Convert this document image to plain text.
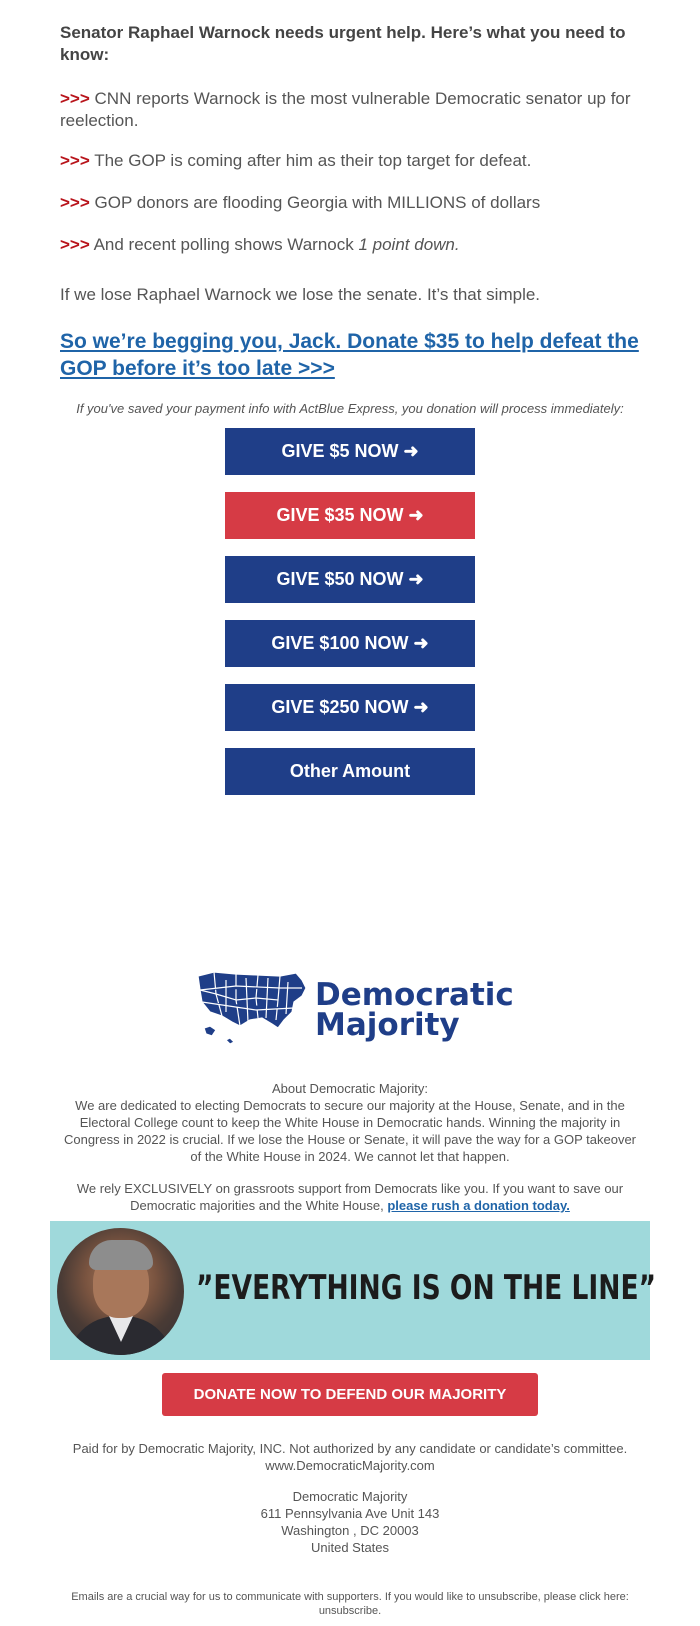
Senator Raphael Warnock needs urgent help. Here’s what you need to know:
>>> CNN reports Warnock is the most vulnerable Democratic senator up for reelection.
>>> The GOP is coming after him as their top target for defeat.
>>> GOP donors are flooding Georgia with MILLIONS of dollars
>>> And recent polling shows Warnock 1 point down.
If we lose Raphael Warnock we lose the senate. It’s that simple.
So we’re begging you, Jack. Donate $35 to help defeat the GOP before it’s too late >>>
If you've saved your payment info with ActBlue Express, you donation will process immediately:
GIVE $5 NOW ➜
GIVE $35 NOW ➜
GIVE $50 NOW ➜
GIVE $100 NOW ➜
GIVE $250 NOW ➜
Other Amount
Democratic
Majority
About Democratic Majority:
We are dedicated to electing Democrats to secure our majority at the House, Senate, and in the Electoral College count to keep the White House in Democratic hands. Winning the majority in Congress in 2022 is crucial. If we lose the House or Senate, it will pave the way for a GOP takeover of the White House in 2024. We cannot let that happen.
We rely EXCLUSIVELY on grassroots support from Democrats like you. If you want to save our Democratic majorities and the White House, please rush a donation today.
”EVERYTHING IS ON THE LINE”
DONATE NOW TO DEFEND OUR MAJORITY
Paid for by Democratic Majority, INC. Not authorized by any candidate or candidate’s committee. www.DemocraticMajority.com
Democratic Majority
611 Pennsylvania Ave Unit 143
Washington , DC 20003
United States
Emails are a crucial way for us to communicate with supporters. If you would like to unsubscribe, please click here: unsubscribe.
